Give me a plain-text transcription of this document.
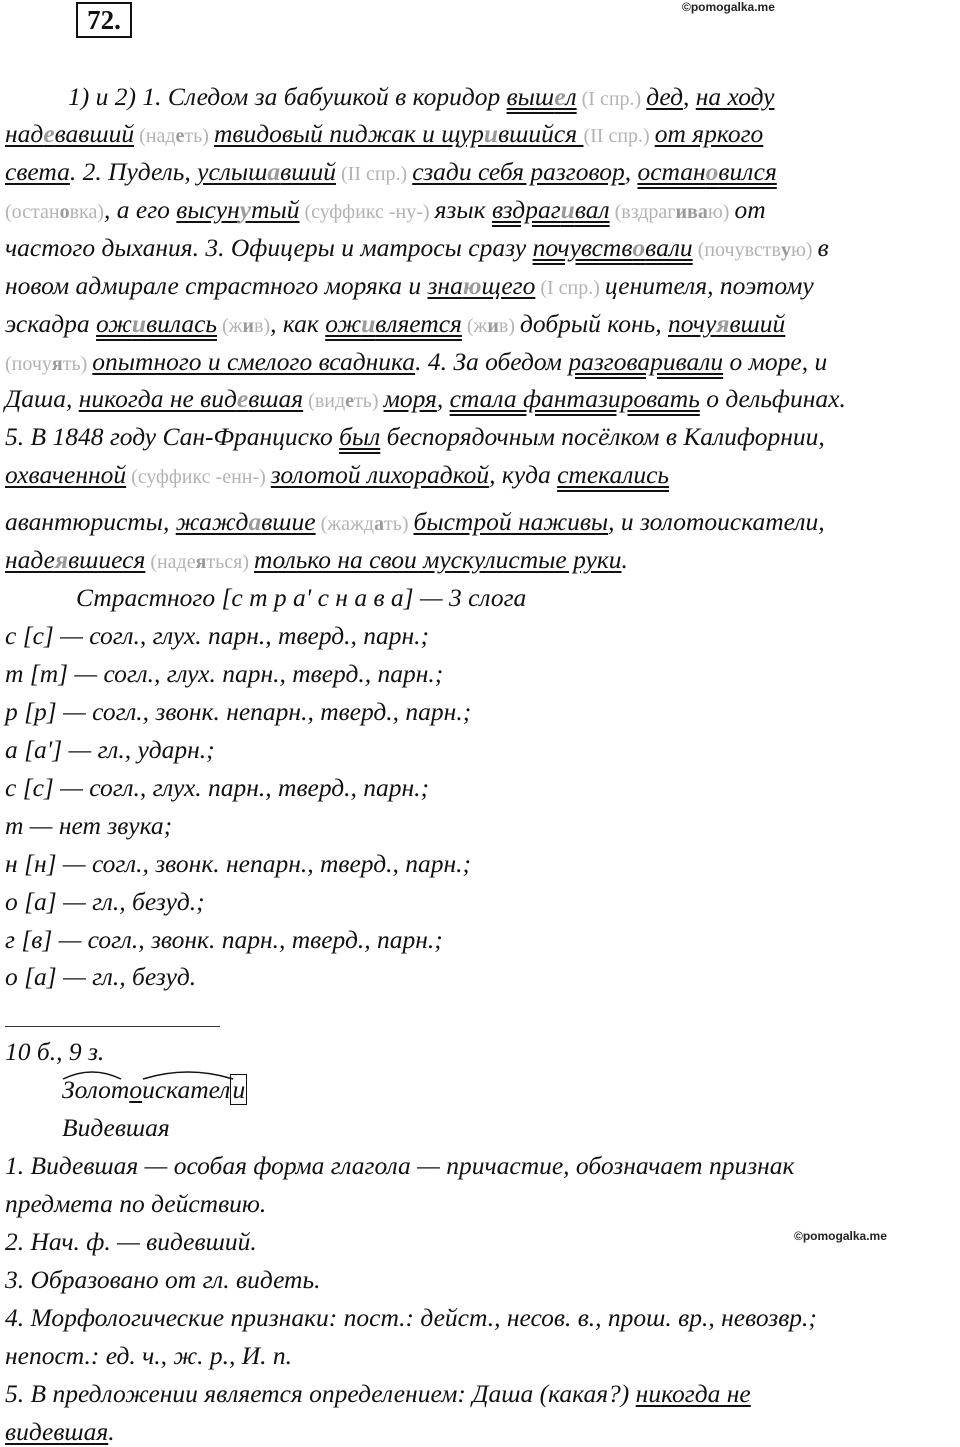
72.	©pomogalka.me
©pomogalka.me
1) и 2) 1. Следом за бабушкой в коридор вышел (I спр.) дед, на ходу
надевавший (надеть) твидовый пиджак и щурившийся (II спр.) от яркого
света. 2. Пудель, услышавший (II спр.) сзади себя разговор, остановился
(остановка), а его высунутый (суффикс -ну-) язык вздрагивал (вздрагиваю) от
частого дыхания. 3. Офицеры и матросы сразу почувствовали (почувствую) в
новом адмирале страстного моряка и знающего (I спр.) ценителя, поэтому
эскадра оживилась (жив), как оживляется (жив) добрый конь, почуявший
(почуять) опытного и смелого всадника. 4. За обедом разговаривали о море, и
Даша, никогда не видевшая (видеть) моря, стала фантазировать о дельфинах.
5. В 1848 году Сан-Франциско был беспорядочным посёлком в Калифорнии,
охваченной (суффикс -енн-) золотой лихорадкой, куда стекались
авантюристы, жаждавшие (жаждать) быстрой наживы, и золотоискатели,
надеявшиеся (надеяться) только на свои мускулистые руки.
Страстного [с т р а' с н а в а] — 3 слога
с [с] — согл., глух. парн., тверд., парн.;
т [т] — согл., глух. парн., тверд., парн.;
р [р] — согл., звонк. непарн., тверд., парн.;
а [а'] — гл., ударн.;
с [с] — согл., глух. парн., тверд., парн.;
т — нет звука;
н [н] — согл., звонк. непарн., тверд., парн.;
о [а] — гл., безуд.;
г [в] — согл., звонк. парн., тверд., парн.;
о [а] — гл., безуд.
10 б., 9 з.
Золот
оискател
и
Видевшая
1. Видевшая — особая форма глагола — причастие, обозначает признак
предмета по действию.
2. Нач. ф. — видевший.
3. Образовано от гл. видеть.
4. Морфологические признаки: пост.: дейст., несов. в., прош. вр., невозвр.;
непост.: ед. ч., ж. р., И. п.
5. В предложении является определением: Даша (какая?) никогда не
видевшая.
